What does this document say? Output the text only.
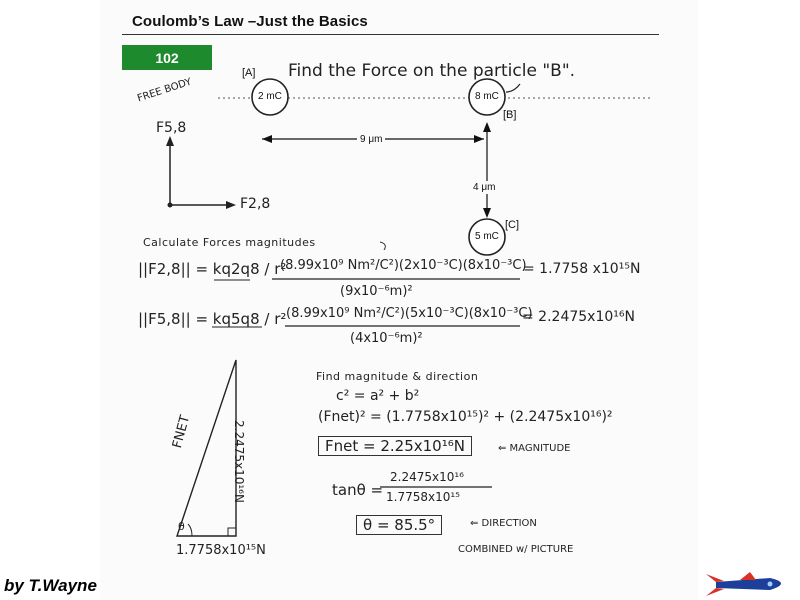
Coulomb’s Law –Just the Basics
102
Find the Force on the particle "B".
[A]
[B]
[C]
2 mC	8 mC
5 mC
9 μm
4 μm
FREE BODY
F5,8
F2,8
Calculate Forces magnitudes
||F2,8|| = kq2q8 / r²
(8.99x10⁹ Nm²/C²)(2x10⁻³C)(8x10⁻³C)
(9x10⁻⁶m)²
= 1.7758 x10¹⁵N
||F5,8|| = kq5q8 / r² (8.99x10⁹ Nm²/C²)(5x10⁻³C)(8x10⁻³C)
(4x10⁻⁶m)²
= 2.2475x10¹⁶N
Find magnitude & direction
c² = a² + b²
(Fnet)² = (1.7758x10¹⁵)² + (2.2475x10¹⁶)²
Fnet = 2.25x10¹⁶N	⇐ MAGNITUDE
tanθ =
2.2475x10¹⁶
1.7758x10¹⁵
θ = 85.5°	⇐ DIRECTION
COMBINED w/ PICTURE
FNET	2.2475x10¹⁶N
1.7758x10¹⁵N
θ
by T.Wayne
